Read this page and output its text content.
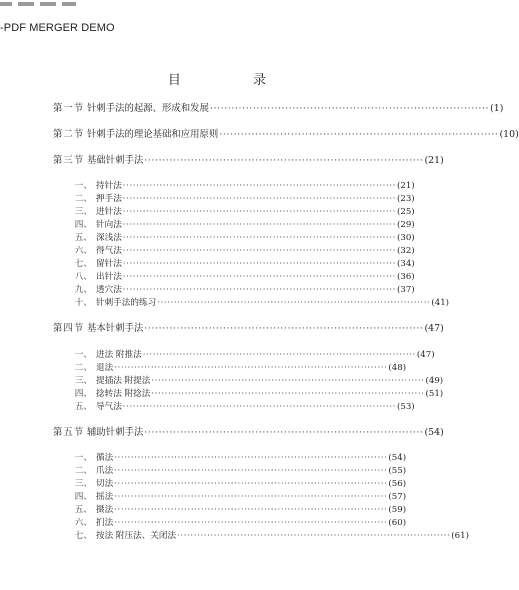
-PDF MERGER DEMO
目 录
第一节 针刺手法的起源、形成和发展 ·············································································· (1)
第二节 针刺手法的理论基础和应用原则 ·············································································· (10)
第三节 基础针刺手法 ·············································································· (21)
一、 持针法 ·················································································· (21)
二、 押手法 ·················································································· (23)
三、 进针法 ·················································································· (25)
四、 针向法 ·················································································· (29)
五、 深浅法 ·················································································· (30)
六、 得气法 ·················································································· (32)
七、 留针法 ·················································································· (34)
八、 出针法 ·················································································· (36)
九、 透穴法 ·················································································· (37)
十、 针刺手法的练习 ·················································································· (41)
第四节 基本针刺手法 ·············································································· (47)
一、 进法 附推法 ·················································································· (47)
二、 退法 ·················································································· (48)
三、 提插法 附提法 ·················································································· (49)
四、 捻转法 附捻法 ·················································································· (51)
五、 导气法 ·················································································· (53)
第五节 辅助针刺手法 ·············································································· (54)
一、 循法 ·················································································· (54)
二、 爪法 ·················································································· (55)
三、 切法 ·················································································· (56)
四、 摇法 ·················································································· (57)
五、 摄法 ·················································································· (59)
六、 扪法 ·················································································· (60)
七、 按法 附压法、关闭法 ·················································································· (61)
